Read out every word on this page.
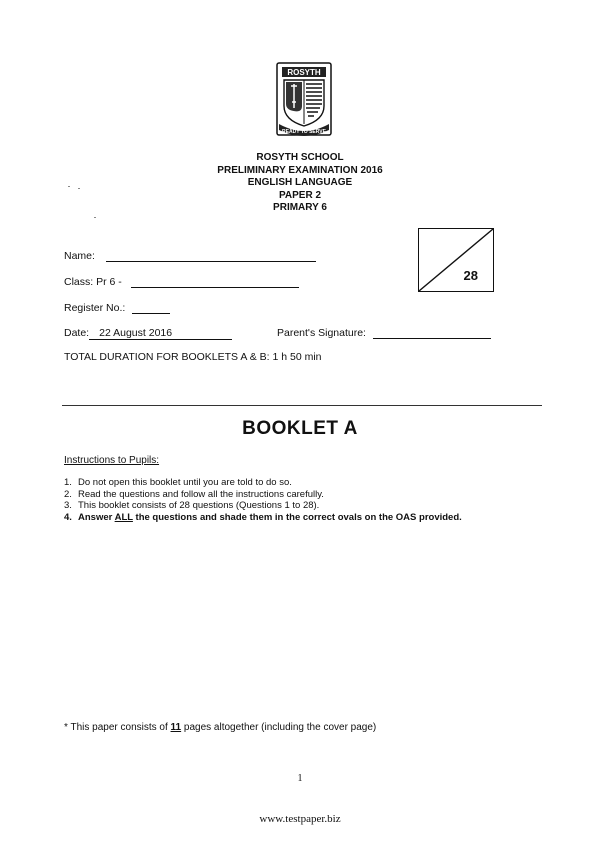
ROSYTH
READY TO SERVE
ROSYTH SCHOOL
PRELIMINARY EXAMINATION 2016
ENGLISH LANGUAGE
PAPER 2
PRIMARY 6
Name:
Class: Pr 6 -
Register No.:
Date: 22 August 2016	Parent's Signature:
TOTAL DURATION FOR BOOKLETS A & B: 1 h 50 min
28
BOOKLET A
Instructions to Pupils:
1. Do not open this booklet until you are told to do so.
2. Read the questions and follow all the instructions carefully.
3. This booklet consists of 28 questions (Questions 1 to 28).
4. Answer ALL the questions and shade them in the correct ovals on the OAS provided.
* This paper consists of 11 pages altogether (including the cover page)
1
www.testpaper.biz
